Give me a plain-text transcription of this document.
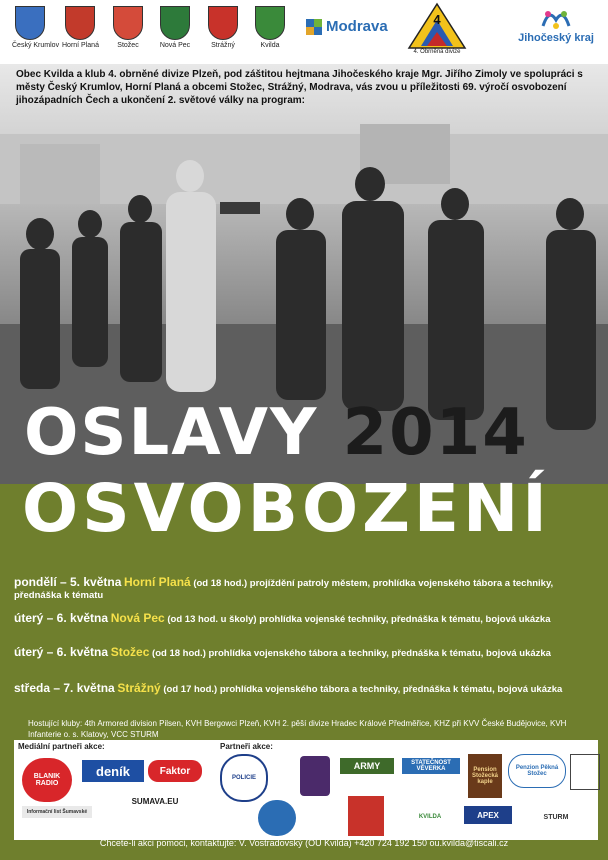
Český Krumlov Horní Planá	Stožec	Nová Pec	Strážný	Kvilda
Modrava	4
4. Obrněná divize
Jihočeský kraj
Obec Kvilda a klub 4. obrněné divize Plzeň, pod záštitou hejtmana Jihočeského kraje Mgr. Jiřího Zimoly ve spolupráci s městy Český Krumlov, Horní Planá a obcemi Stožec, Strážný, Modrava, vás zvou u příležitosti 69. výročí osvobození jihozápadních Čech a ukončení 2. světové války na program:
OSLAVY 2014
OSVOBOZENÍ
pondělí – 5. května Horní Planá (od 18 hod.) projíždění patroly městem, prohlídka vojenského tábora a techniky, přednáška k tématu
úterý – 6. května Nová Pec (od 13 hod. u školy) prohlídka vojenské techniky, přednáška k tématu, bojová ukázka
úterý – 6. května Stožec (od 18 hod.) prohlídka vojenského tábora a techniky, přednáška k tématu, bojová ukázka
středa – 7. května Strážný (od 17 hod.) prohlídka vojenského tábora a techniky, přednáška k tématu, bojová ukázka
Hostující kluby: 4th Armored division Pilsen, KVH Bergowci Plzeň, KVH 2. pěší divize Hradec Králové Předměřice, KHZ při KVV České Budějovice, KVH Infanterie o. s. Klatovy, VCC STURM
Mediální partneři akce:	Partneři akce:
BLANIK RADIO
deník	Faktor
SUMAVA.EU
Informační list Šumavské
POLICIE
ARMY	STATEČNOST VĚVERKA	Pension Stožecká kaple
Penzion Pěkná Stožec
KVILDA	APEX	STURM
Chcete-li akci pomoci, kontaktujte: V. Vostradovský (OÚ Kvilda) +420 724 192 150 ou.kvilda@tiscali.cz
